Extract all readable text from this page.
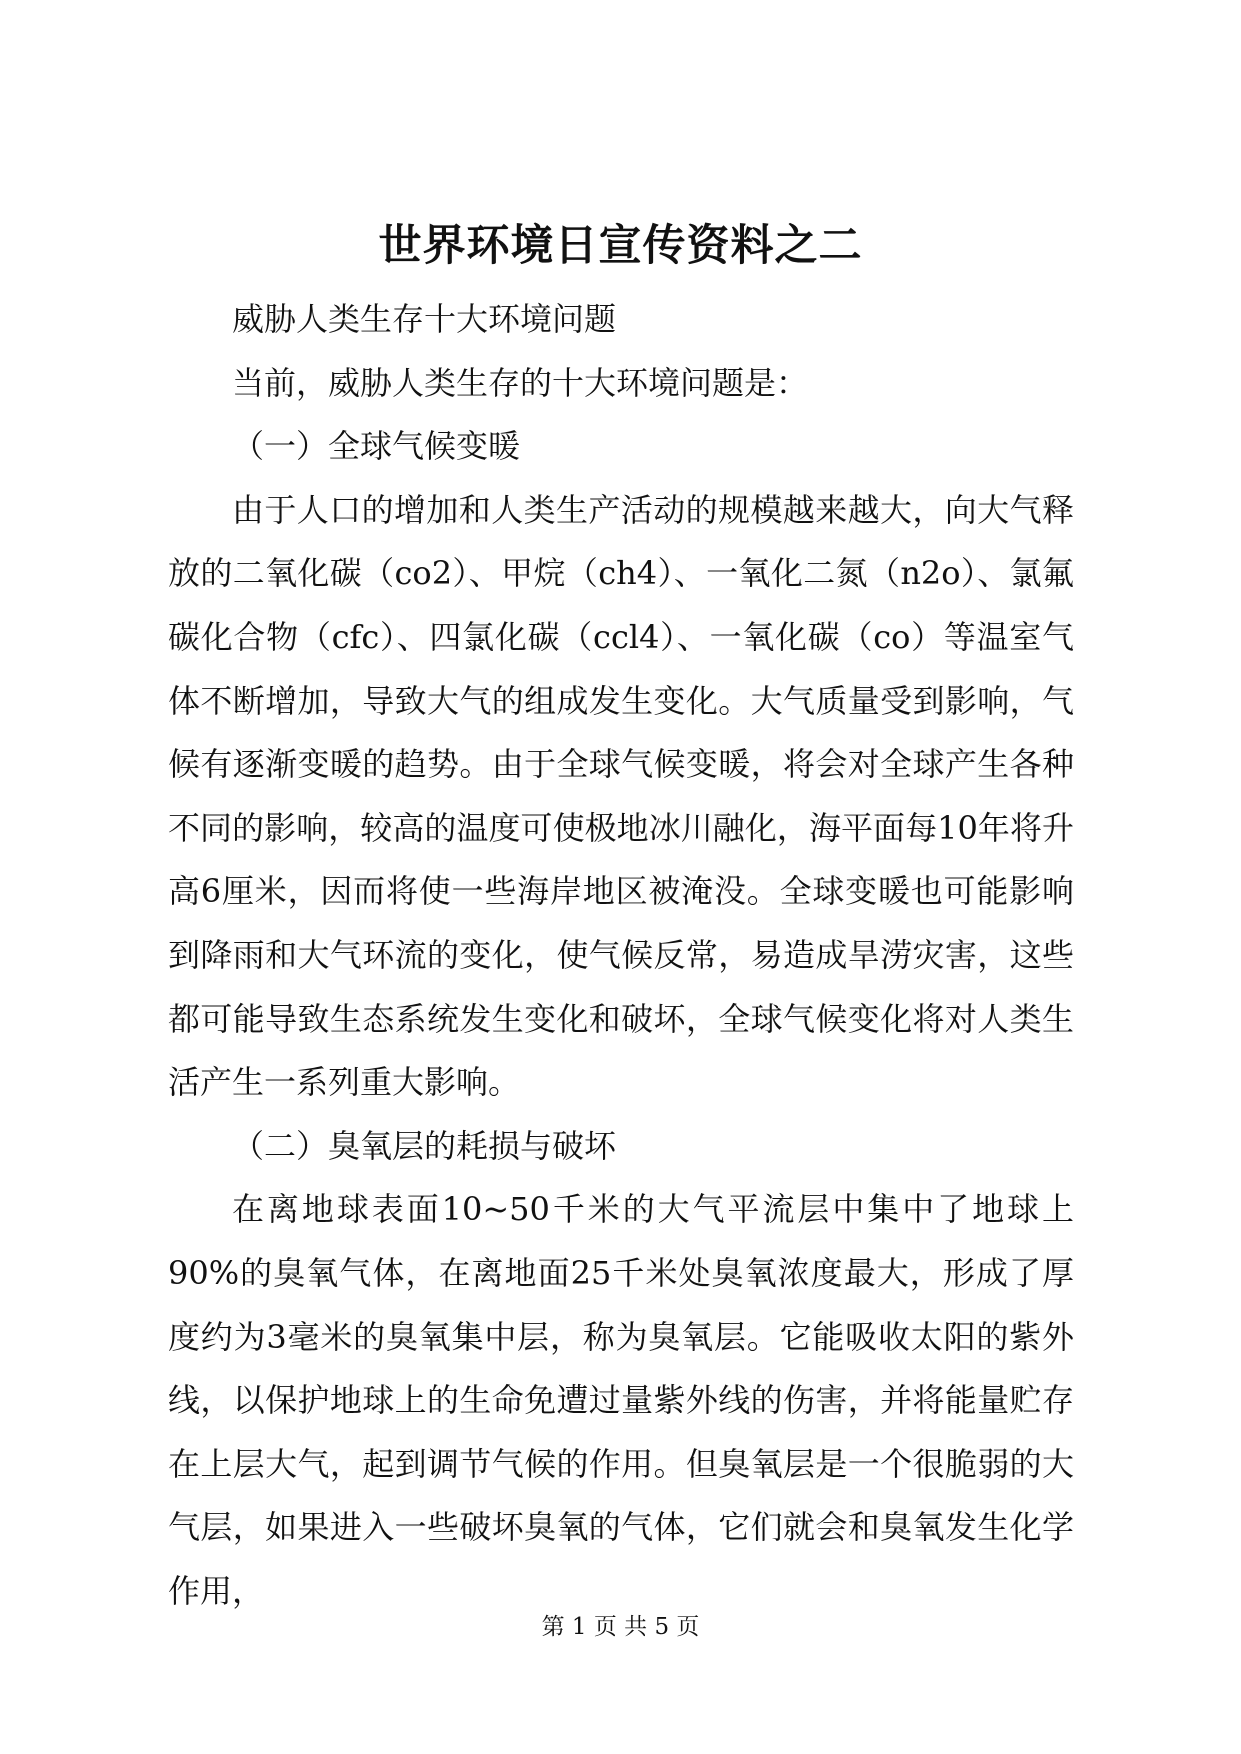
世界环境日宣传资料之二

威胁人类生存十大环境问题

当前，威胁人类生存的十大环境问题是：

（一）全球气候变暖

由于人口的增加和人类生产活动的规模越来越大，向大气释放的二氧化碳（co2）、甲烷（ch4）、一氧化二氮（n2o）、氯氟碳化合物（cfc）、四氯化碳（ccl4）、一氧化碳（co）等温室气体不断增加，导致大气的组成发生变化。大气质量受到影响，气候有逐渐变暖的趋势。由于全球气候变暖，将会对全球产生各种不同的影响，较高的温度可使极地冰川融化，海平面每10年将升高6厘米，因而将使一些海岸地区被淹没。全球变暖也可能影响到降雨和大气环流的变化，使气候反常，易造成旱涝灾害，这些都可能导致生态系统发生变化和破坏，全球气候变化将对人类生活产生一系列重大影响。

（二）臭氧层的耗损与破坏

在离地球表面10~50千米的大气平流层中集中了地球上90%的臭氧气体，在离地面25千米处臭氧浓度最大，形成了厚度约为3毫米的臭氧集中层，称为臭氧层。它能吸收太阳的紫外线，以保护地球上的生命免遭过量紫外线的伤害，并将能量贮存在上层大气，起到调节气候的作用。但臭氧层是一个很脆弱的大气层，如果进入一些破坏臭氧的气体，它们就会和臭氧发生化学作用，

第 1 页 共 5 页
